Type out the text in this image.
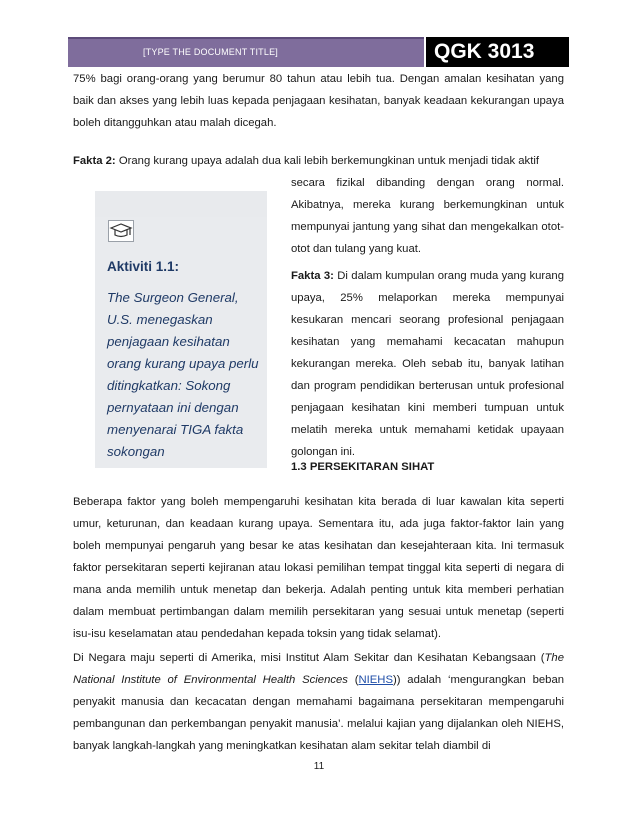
[TYPE THE DOCUMENT TITLE]	QGK 3013

75% bagi orang-orang yang berumur 80 tahun atau lebih tua. Dengan amalan kesihatan yang baik dan akses yang lebih luas kepada penjagaan kesihatan, banyak keadaan kekurangan upaya boleh ditangguhkan atau malah dicegah.

Fakta 2: Orang kurang upaya adalah dua kali lebih berkemungkinan untuk menjadi tidak aktif

Aktiviti 1.1:

The Surgeon General, U.S. menegaskan penjagaan kesihatan orang kurang upaya perlu ditingkatkan: Sokong pernyataan ini dengan menyenarai TIGA fakta sokongan

secara fizikal dibanding dengan orang normal. Akibatnya, mereka kurang berkemungkinan untuk mempunyai jantung yang sihat dan mengekalkan otot-otot dan tulang yang kuat.

Fakta 3: Di dalam kumpulan orang muda yang kurang upaya, 25% melaporkan mereka mempunyai kesukaran mencari seorang profesional penjagaan kesihatan yang memahami kecacatan mahupun kekurangan mereka. Oleh sebab itu, banyak latihan dan program pendidikan berterusan untuk profesional penjagaan kesihatan kini memberi tumpuan untuk melatih mereka untuk memahami ketidak upayaan golongan ini.

1.3 PERSEKITARAN SIHAT

Beberapa faktor yang boleh mempengaruhi kesihatan kita berada di luar kawalan kita seperti umur, keturunan, dan keadaan kurang upaya. Sementara itu, ada juga faktor-faktor lain yang boleh mempunyai pengaruh yang besar ke atas kesihatan dan kesejahteraan kita. Ini termasuk faktor persekitaran seperti kejiranan atau lokasi pemilihan tempat tinggal kita seperti di negara di mana anda memilih untuk menetap dan bekerja. Adalah penting untuk kita memberi perhatian dalam membuat pertimbangan dalam memilih persekitaran yang sesuai untuk menetap (seperti isu-isu keselamatan atau pendedahan kepada toksin yang tidak selamat).

Di Negara maju seperti di Amerika, misi Institut Alam Sekitar dan Kesihatan Kebangsaan (The National Institute of Environmental Health Sciences (NIEHS)) adalah ‘mengurangkan beban penyakit manusia dan kecacatan dengan memahami bagaimana persekitaran mempengaruhi pembangunan dan perkembangan penyakit manusia’. melalui kajian yang dijalankan oleh NIEHS, banyak langkah-langkah yang meningkatkan kesihatan alam sekitar telah diambil di

11
